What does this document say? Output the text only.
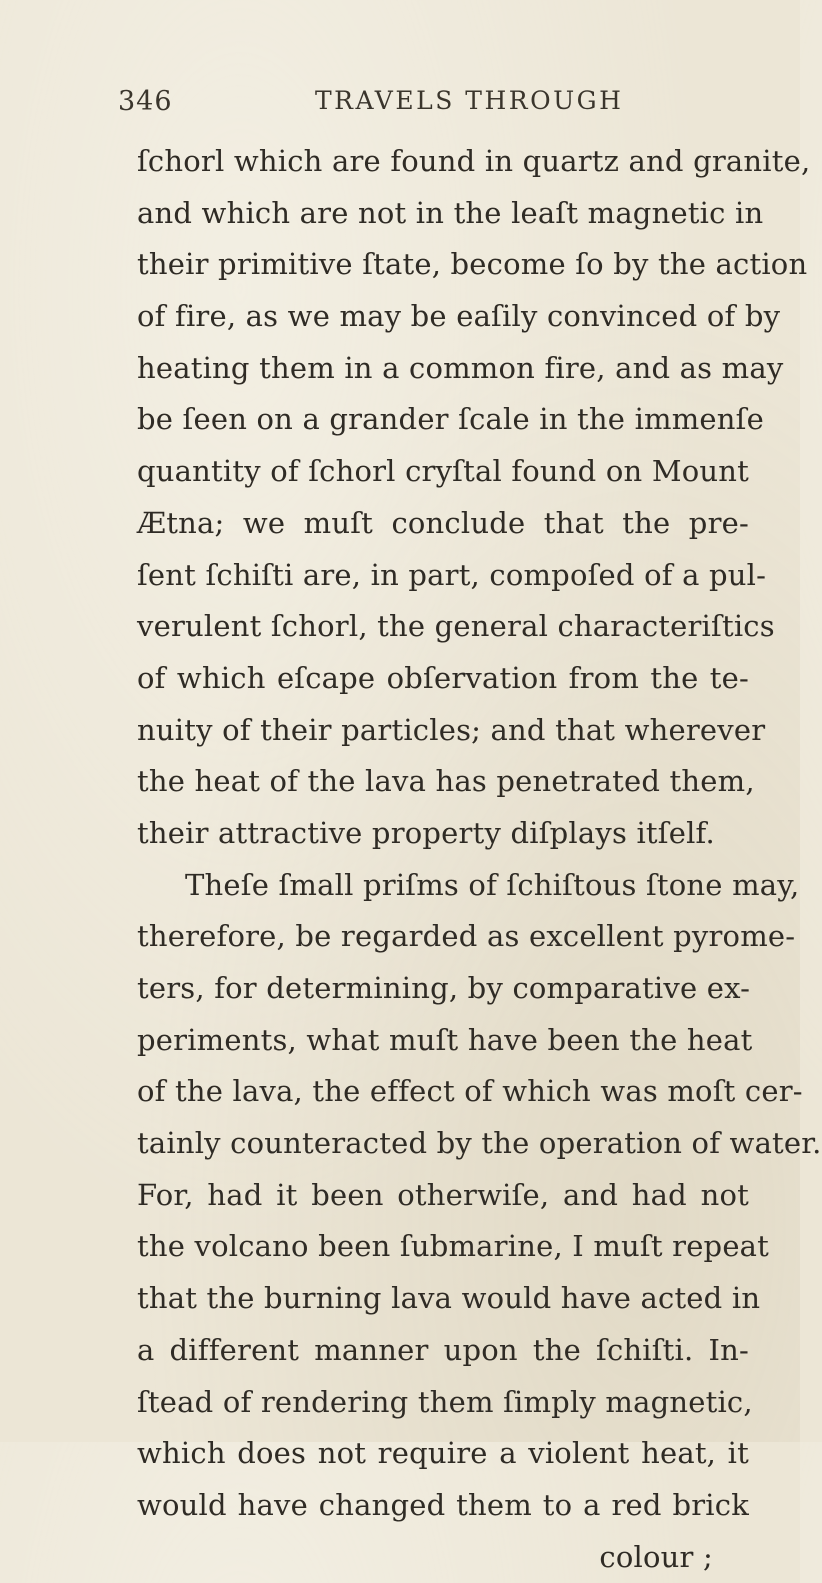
346	TRAVELS THROUGH
ſchorl which are found in quartz and granite,
and which are not in the leaſt magnetic in
their primitive ſtate, become ſo by the action
of fire, as we may be eaſily convinced of by
heating them in a common fire, and as may
be ſeen on a grander ſcale in the immenſe
quantity of ſchorl cryſtal found on Mount
Ætna; we muſt conclude that the pre-
ſent ſchiſti are, in part, compoſed of a pul-
verulent ſchorl, the general characteriſtics
of which eſcape obſervation from the te-
nuity of their particles; and that wherever
the heat of the lava has penetrated them,
their attractive property diſplays itſelf.
Theſe ſmall priſms of ſchiſtous ſtone may,
therefore, be regarded as excellent pyrome-
ters, for determining, by comparative ex-
periments, what muſt have been the heat
of the lava, the effect of which was moſt cer-
tainly counteracted by the operation of water.
For, had it been otherwiſe, and had not
the volcano been ſubmarine, I muſt repeat
that the burning lava would have acted in
a different manner upon the ſchiſti. In-
ſtead of rendering them ſimply magnetic,
which does not require a violent heat, it
would have changed them to a red brick
colour ;
